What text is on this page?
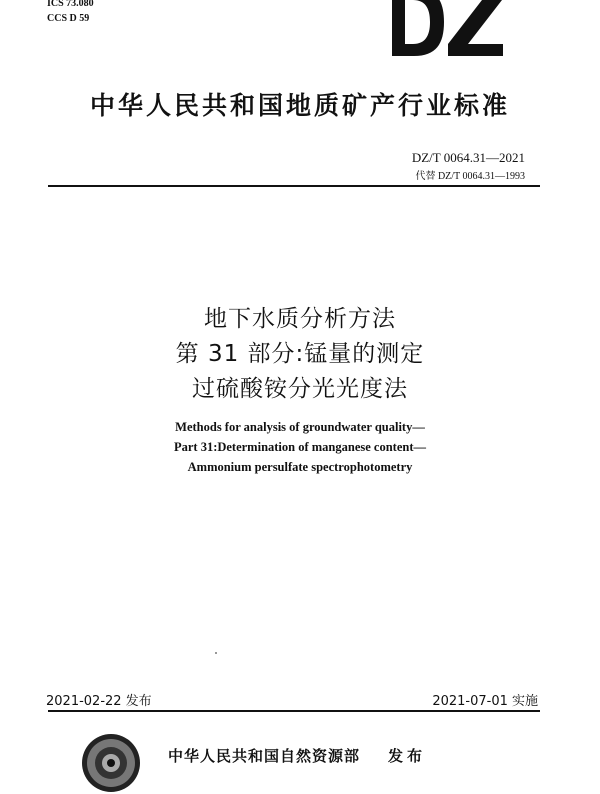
ICS 73.080
CCS D 59
中华人民共和国地质矿产行业标准
DZ/T 0064.31—2021
代替 DZ/T 0064.31—1993
地下水质分析方法
第 31 部分:锰量的测定
过硫酸铵分光光度法
Methods for analysis of groundwater quality—
Part 31:Determination of manganese content—
Ammonium persulfate spectrophotometry
2021-02-22 发布	2021-07-01 实施
中华人民共和国自然资源部 发布
